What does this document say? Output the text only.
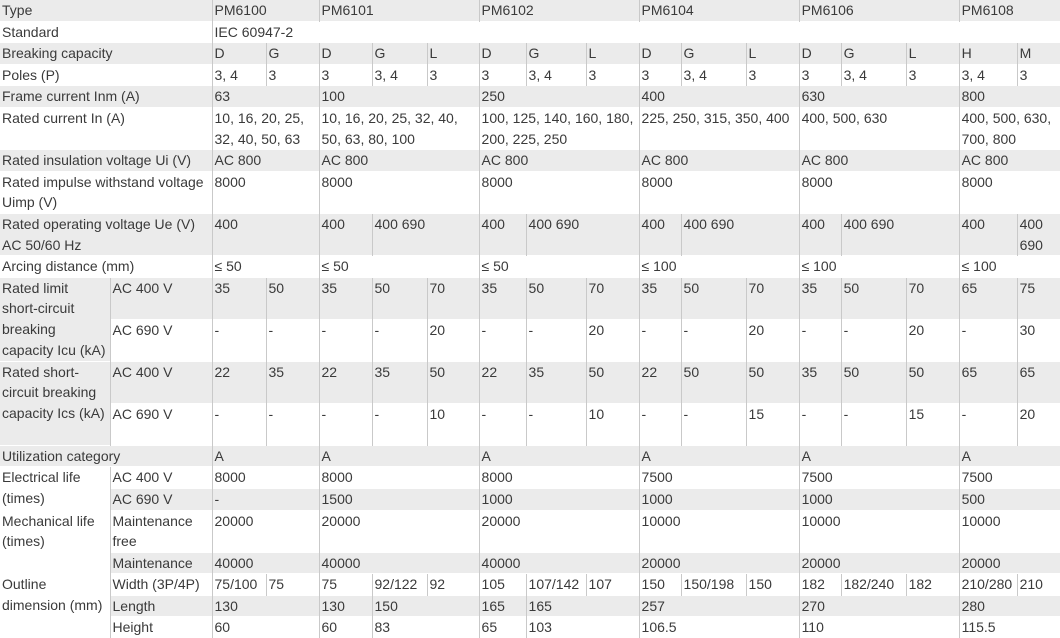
Type		PM6100		PM6101			PM6102			PM6104			PM6106			PM6108	
Standard		IEC 60947-2															
Breaking capacity		D	G	D	G	L	D	G	L	D	G	L	D	G	L	H	M
Poles (P)		3, 4	3	3	3, 4	3	3	3, 4	3	3	3, 4	3	3	3, 4	3	3, 4	3
Frame current Inm (A)		63		100			250			400			630			800	
Rated current In (A)		10, 16, 20, 25, 32, 40, 50, 63		10, 16, 20, 25, 32, 40, 50, 63, 80, 100			100, 125, 140, 160, 180, 200, 225, 250			225, 250, 315, 350, 400			400, 500, 630			400, 500, 630, 700, 800	
Rated insulation voltage Ui (V)		AC 800		AC 800			AC 800			AC 800			AC 800			AC 800	
Rated impulse withstand voltage Uimp (V)		8000		8000			8000			8000			8000			8000	
Rated operating voltage Ue (V) AC 50/60 Hz		400		400	400 690		400	400 690		400	400 690		400	400 690		400	400 690
Arcing distance (mm)		≤ 50		≤ 50			≤ 50			≤ 100			≤ 100			≤ 100	
Rated limit short-circuit breaking capacity Icu (kA)	AC 400 V	35	50	35	50	70	35	50	70	35	50	70	35	50	70	65	75
	AC 690 V	-	-	-	-	20	-	-	20	-	-	20	-	-	20	-	30
Rated short-circuit breaking capacity Ics (kA)	AC 400 V	22	35	22	35	50	22	35	50	22	50	50	35	50	50	65	65
	AC 690 V	-	-	-	-	10	-	-	10	-	-	15	-	-	15	-	20
Utilization category		A		A			A			A			A			A	
Electrical life (times)	AC 400 V	8000		8000			8000			7500			7500			7500	
	AC 690 V	-		1500			1000			1000			1000			500	
Mechanical life (times)	Maintenance free	20000		20000			20000			10000			10000			10000	
	Maintenance	40000		40000			40000			20000			20000			20000	
Outline dimension (mm)	Width (3P/4P)	75/100	75	75	92/122	92	105	107/142	107	150	150/198	150	182	182/240	182	210/280	210
	Length	130		130	150		165	165		257			270			280	
	Height	60		60	83		65	103		106.5			110			115.5	
